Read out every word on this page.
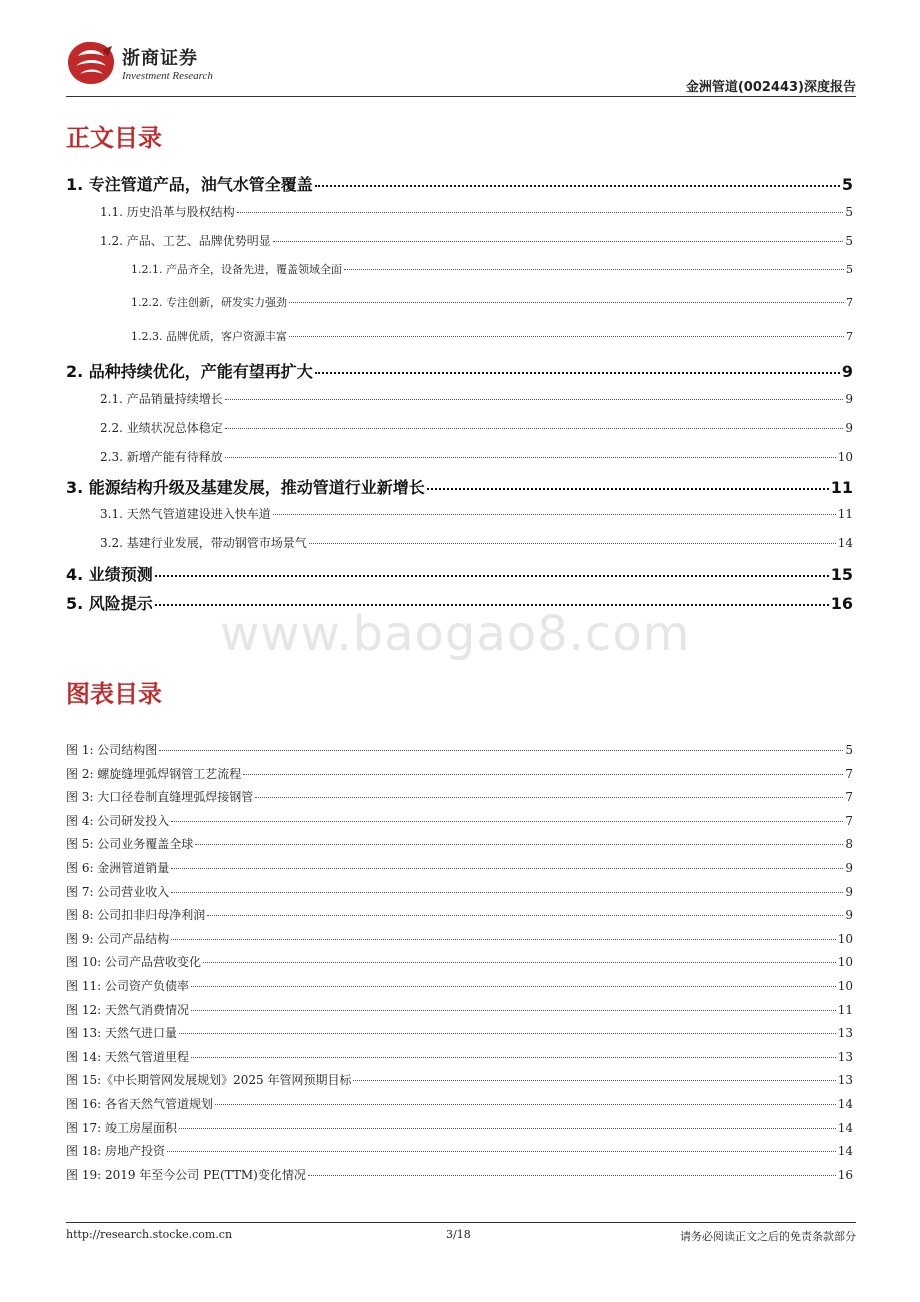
浙商证券
Investment Research
金洲管道(002443)深度报告
正文目录
1. 专注管道产品，油气水管全覆盖	5
1.1. 历史沿革与股权结构	5
1.2. 产品、工艺、品牌优势明显	5
1.2.1. 产品齐全，设备先进，覆盖领域全面	5
1.2.2. 专注创新，研发实力强劲	7
1.2.3. 品牌优质，客户资源丰富	7
2. 品种持续优化，产能有望再扩大	9
2.1. 产品销量持续增长	9
2.2. 业绩状况总体稳定	9
2.3. 新增产能有待释放	10
3. 能源结构升级及基建发展，推动管道行业新增长	11
3.1. 天然气管道建设进入快车道	11
3.2. 基建行业发展，带动钢管市场景气	14
4. 业绩预测	15
5. 风险提示	16
www.baogao8.com
图表目录
图 1: 公司结构图	5
图 2: 螺旋缝埋弧焊钢管工艺流程	7
图 3: 大口径卷制直缝埋弧焊接钢管	7
图 4: 公司研发投入	7
图 5: 公司业务覆盖全球	8
图 6: 金洲管道销量	9
图 7: 公司营业收入	9
图 8: 公司扣非归母净利润	9
图 9: 公司产品结构	10
图 10: 公司产品营收变化	10
图 11: 公司资产负债率	10
图 12: 天然气消费情况	11
图 13: 天然气进口量	13
图 14: 天然气管道里程	13
图 15:《中长期管网发展规划》2025 年管网预期目标	13
图 16: 各省天然气管道规划	14
图 17: 竣工房屋面积	14
图 18: 房地产投资	14
图 19: 2019 年至今公司 PE(TTM)变化情况	16
http://research.stocke.com.cn	3/18	请务必阅读正文之后的免责条款部分
